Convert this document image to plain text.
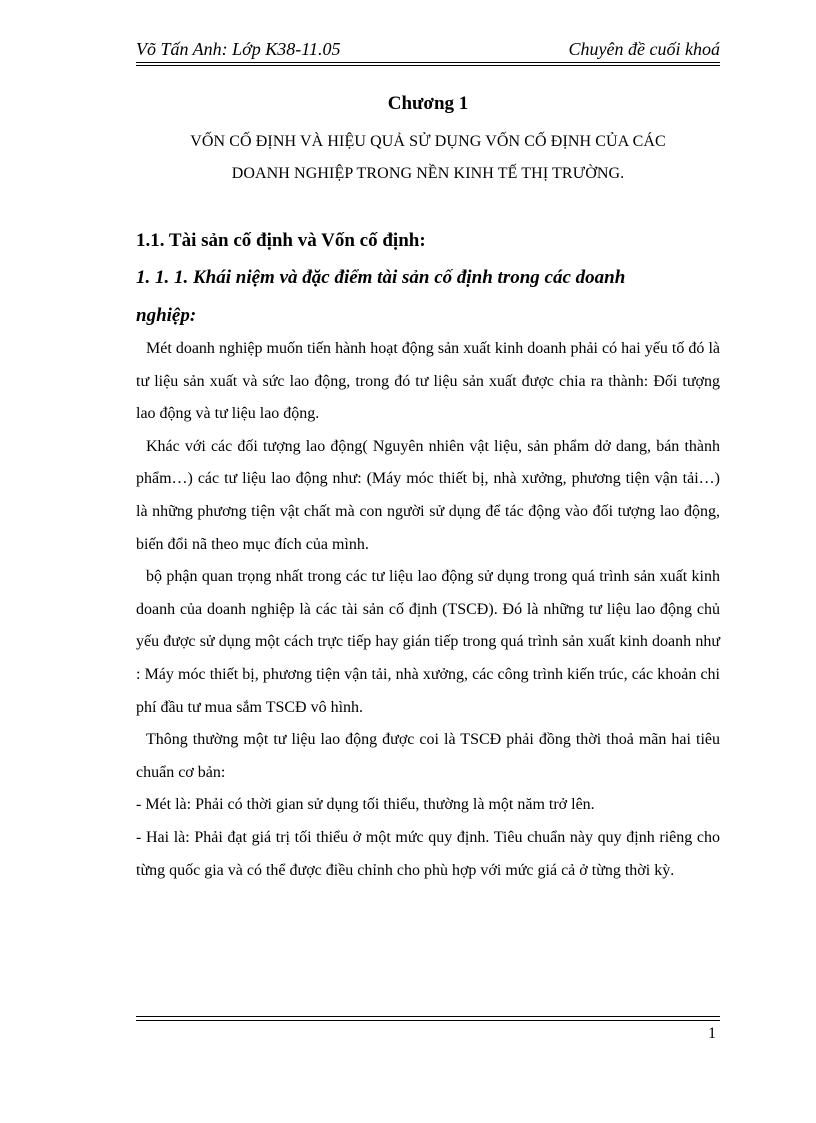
Võ Tấn Anh: Lớp K38-11.05	Chuyên đề cuối khoá
Chương 1
VỐN CỐ ĐỊNH VÀ HIỆU QUẢ SỬ DỤNG VỐN CỐ ĐỊNH CỦA CÁC
DOANH NGHIỆP TRONG NỀN KINH TẾ THỊ TRƯỜNG.
1.1. Tài sản cố định và Vốn cố định:
1. 1. 1. Khái niệm và đặc điểm tài sản cố định trong các doanh
nghiệp:

Mét doanh nghiệp muốn tiến hành hoạt động sản xuất kinh doanh phải có hai yếu tố đó là tư liệu sản xuất và sức lao động, trong đó tư liệu sản xuất được chia ra thành: Đối tượng lao động và tư liệu lao động.

Khác với các đối tượng lao động( Nguyên nhiên vật liệu, sản phẩm dở dang, bán thành phẩm…) các tư liệu lao động như: (Máy móc thiết bị, nhà xưởng, phương tiện vận tải…) là những phương tiện vật chất mà con người sử dụng để tác động vào đối tượng lao động, biến đổi nã theo mục đích của mình.

bộ phận quan trọng nhất trong các tư liệu lao động sử dụng trong quá trình sản xuất kinh doanh của doanh nghiệp là các tài sản cố định (TSCĐ). Đó là những tư liệu lao động chủ yếu được sử dụng một cách trực tiếp hay gián tiếp trong quá trình sản xuất kinh doanh như : Máy móc thiết bị, phương tiện vận tải, nhà xưởng, các công trình kiến trúc, các khoản chi phí đầu tư mua sắm TSCĐ vô hình.

Thông thường một tư liệu lao động được coi là TSCĐ phải đồng thời thoả mãn hai tiêu chuẩn cơ bản:

- Mét là: Phải có thời gian sử dụng tối thiểu, thường là một năm trở lên.

- Hai là: Phải đạt giá trị tối thiểu ở một mức quy định. Tiêu chuẩn này quy định riêng cho từng quốc gia và có thể được điều chỉnh cho phù hợp với mức giá cả ở từng thời kỳ.

1
